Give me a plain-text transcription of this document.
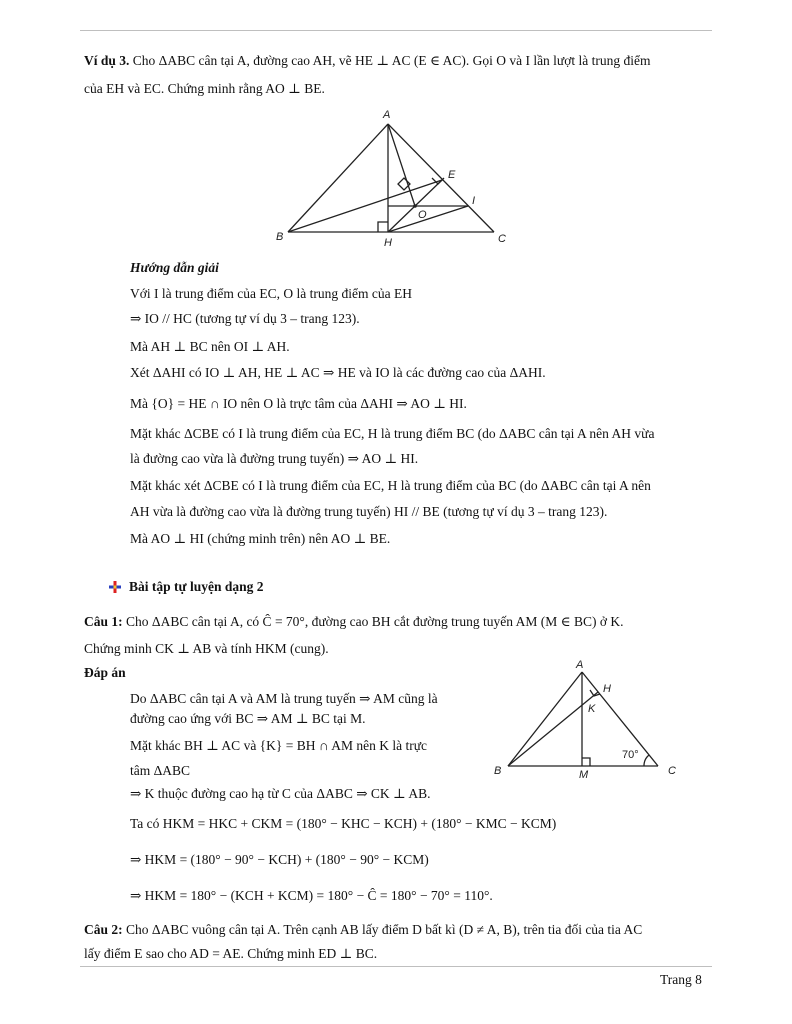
Ví dụ 3. Cho ΔABC cân tại A, đường cao AH, vẽ HE ⊥ AC (E ∈ AC). Gọi O và I lần lượt là trung điểm
của EH và EC. Chứng minh rằng AO ⊥ BE.
A
B	C
H
E
I
O
Hướng dẫn giải
Với I là trung điểm của EC, O là trung điểm của EH
⇒ IO // HC (tương tự ví dụ 3 – trang 123).
Mà AH ⊥ BC nên OI ⊥ AH.
Xét ΔAHI có IO ⊥ AH, HE ⊥ AC ⇒ HE và IO là các đường cao của ΔAHI.
Mà {O} = HE ∩ IO nên O là trực tâm của ΔAHI ⇒ AO ⊥ HI.
Mặt khác ΔCBE có I là trung điểm của EC, H là trung điểm BC (do ΔABC cân tại A nên AH vừa
là đường cao vừa là đường trung tuyến) ⇒ AO ⊥ HI.
Mặt khác xét ΔCBE có I là trung điểm của EC, H là trung điểm của BC (do ΔABC cân tại A nên
AH vừa là đường cao vừa là đường trung tuyến) HI // BE (tương tự ví dụ 3 – trang 123).
Mà AO ⊥ HI (chứng minh trên) nên AO ⊥ BE.
Bài tập tự luyện dạng 2
Câu 1: Cho ΔABC cân tại A, có Ĉ = 70°, đường cao BH cắt đường trung tuyến AM (M ∈ BC) ở K.
Chứng minh CK ⊥ AB và tính HKM (cung).
Đáp án	A
H
K
B	M	C
70°
Do ΔABC cân tại A và AM là trung tuyến ⇒ AM cũng là
đường cao ứng với BC ⇒ AM ⊥ BC tại M.
Mặt khác BH ⊥ AC và {K} = BH ∩ AM nên K là trực
tâm ΔABC
⇒ K thuộc đường cao hạ từ C của ΔABC ⇒ CK ⊥ AB.
Ta có HKM = HKC + CKM = (180° − KHC − KCH) + (180° − KMC − KCM)
⇒ HKM = (180° − 90° − KCH) + (180° − 90° − KCM)
⇒ HKM = 180° − (KCH + KCM) = 180° − Ĉ = 180° − 70° = 110°.
Câu 2: Cho ΔABC vuông cân tại A. Trên cạnh AB lấy điểm D bất kì (D ≠ A, B), trên tia đối của tia AC
lấy điểm E sao cho AD = AE. Chứng minh ED ⊥ BC.
Trang 8
